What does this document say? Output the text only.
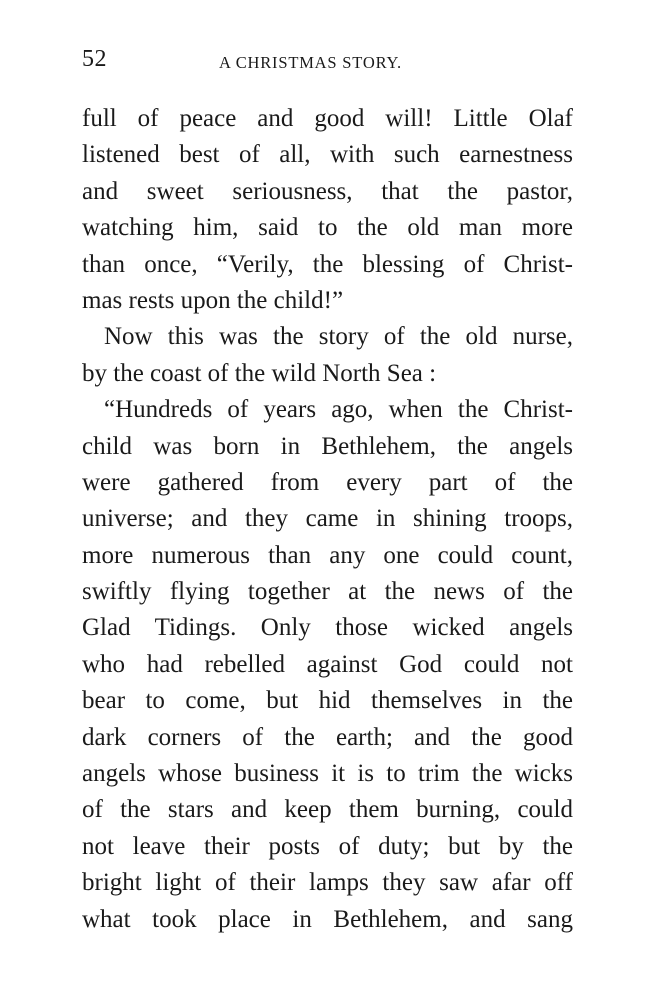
52	A CHRISTMAS STORY.
full of peace and good will! Little Olaf
listened best of all, with such earnestness
and sweet seriousness, that the pastor,
watching him, said to the old man more
than once, “Verily, the blessing of Christ-
mas rests upon the child!”
Now this was the story of the old nurse,
by the coast of the wild North Sea :
“Hundreds of years ago, when the Christ-
child was born in Bethlehem, the angels
were gathered from every part of the
universe; and they came in shining troops,
more numerous than any one could count,
swiftly flying together at the news of the
Glad Tidings. Only those wicked angels
who had rebelled against God could not
bear to come, but hid themselves in the
dark corners of the earth; and the good
angels whose business it is to trim the wicks
of the stars and keep them burning, could
not leave their posts of duty; but by the
bright light of their lamps they saw afar off
what took place in Bethlehem, and sang
